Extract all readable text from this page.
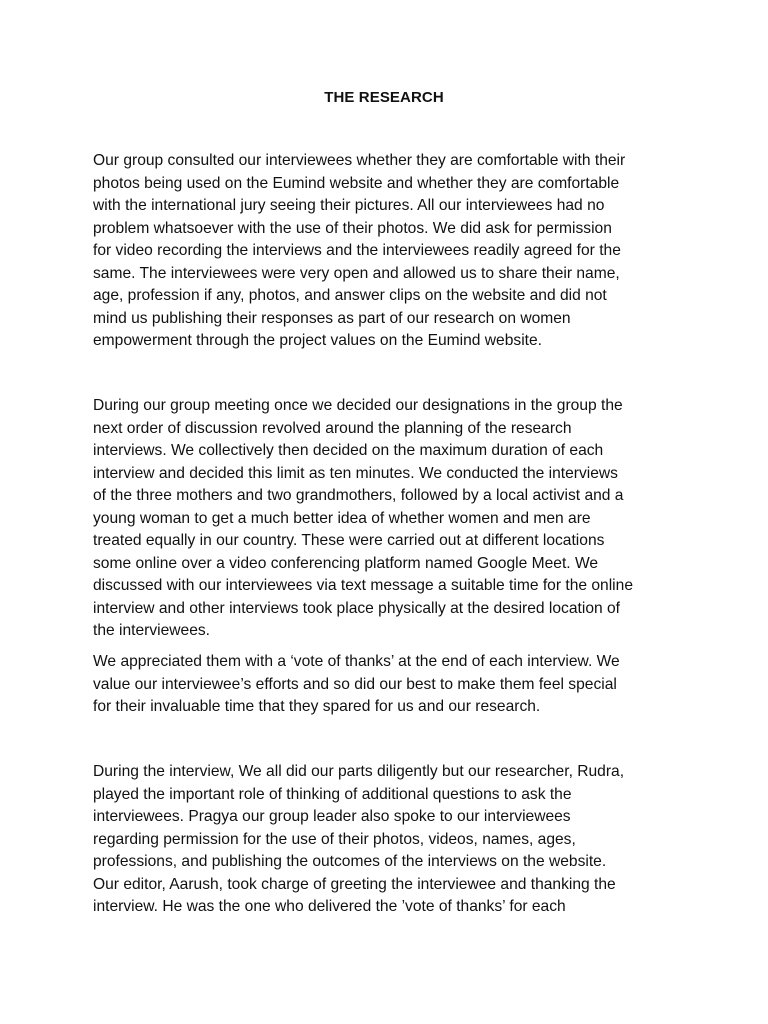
THE RESEARCH

Our group consulted our interviewees whether they are comfortable with their
photos being used on the Eumind website and whether they are comfortable
with the international jury seeing their pictures. All our interviewees had no
problem whatsoever with the use of their photos. We did ask for permission
for video recording the interviews and the interviewees readily agreed for the
same. The interviewees were very open and allowed us to share their name,
age, profession if any, photos, and answer clips on the website and did not
mind us publishing their responses as part of our research on women
empowerment through the project values on the Eumind website.

During our group meeting once we decided our designations in the group the
next order of discussion revolved around the planning of the research
interviews. We collectively then decided on the maximum duration of each
interview and decided this limit as ten minutes. We conducted the interviews
of the three mothers and two grandmothers, followed by a local activist and a
young woman to get a much better idea of whether women and men are
treated equally in our country. These were carried out at different locations
some online over a video conferencing platform named Google Meet. We
discussed with our interviewees via text message a suitable time for the online
interview and other interviews took place physically at the desired location of
the interviewees.

We appreciated them with a ‘vote of thanks’ at the end of each interview. We
value our interviewee’s efforts and so did our best to make them feel special
for their invaluable time that they spared for us and our research.

During the interview, We all did our parts diligently but our researcher, Rudra,
played the important role of thinking of additional questions to ask the
interviewees. Pragya our group leader also spoke to our interviewees
regarding permission for the use of their photos, videos, names, ages,
professions, and publishing the outcomes of the interviews on the website.
Our editor, Aarush, took charge of greeting the interviewee and thanking the
interview. He was the one who delivered the ’vote of thanks’ for each
